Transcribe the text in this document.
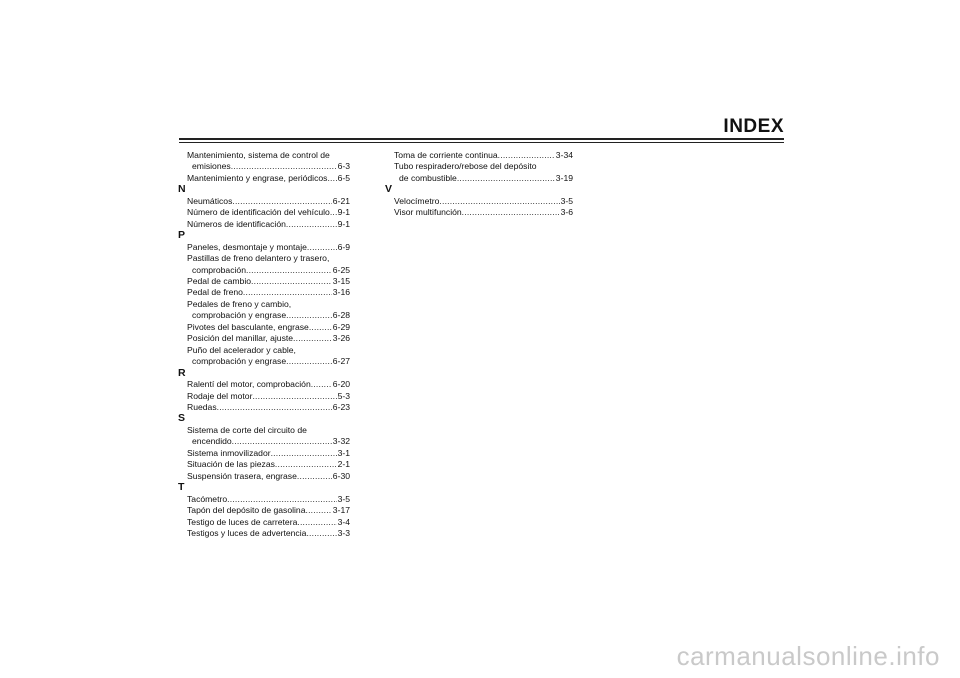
INDEX
Mantenimiento, sistema de control de
emisiones .....	6-3
Mantenimiento y engrase, periódicos ..... 6-5
N
Neumáticos .....	6-21
Número de identificación del vehículo ..... 9-1
Números de identificación .....	9-1
P
Paneles, desmontaje y montaje .....	6-9
Pastillas de freno delantero y trasero,
comprobación .....	6-25
Pedal de cambio .....	3-15
Pedal de freno .....	3-16
Pedales de freno y cambio,
comprobación y engrase .....	6-28
Pivotes del basculante, engrase .....	6-29
Posición del manillar, ajuste .....	3-26
Puño del acelerador y cable,
comprobación y engrase .....	6-27
R
Ralentí del motor, comprobación .....	6-20
Rodaje del motor .....	5-3
Ruedas .....	6-23
S
Sistema de corte del circuito de
encendido .....	3-32
Sistema inmovilizador .....	3-1
Situación de las piezas .....	2-1
Suspensión trasera, engrase .....	6-30
T
Tacómetro .....	3-5
Tapón del depósito de gasolina .....	3-17
Testigo de luces de carretera .....	3-4
Testigos y luces de advertencia .....	3-3
Toma de corriente continua .....	3-34
Tubo respiradero/rebose del depósito
de combustible .....	3-19
V
Velocímetro .....	3-5
Visor multifunción .....	3-6
carmanualsonline.info
